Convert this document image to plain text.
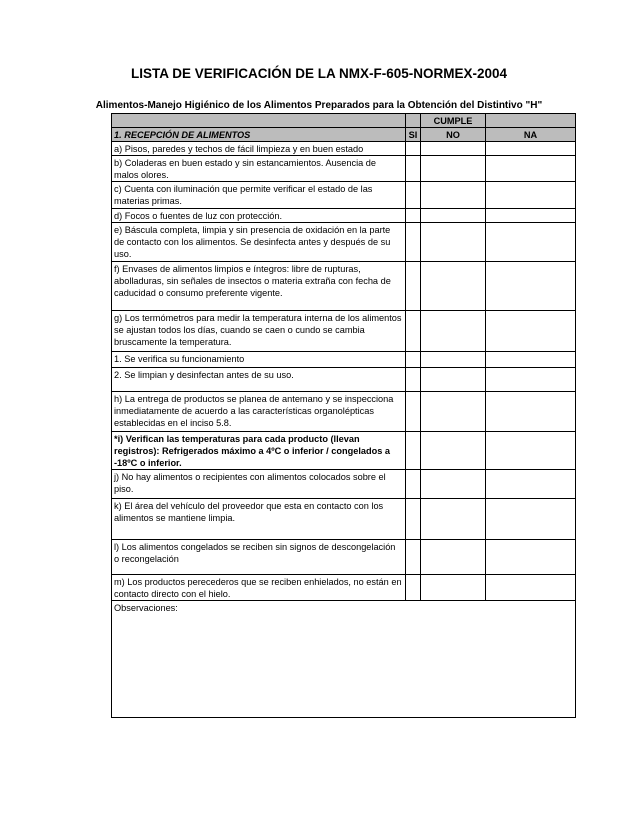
LISTA DE VERIFICACIÓN DE LA NMX-F-605-NORMEX-2004
Alimentos-Manejo Higiénico de los Alimentos Preparados para la Obtención del Distintivo "H"
		CUMPLE	
1. RECEPCIÓN DE ALIMENTOS	SI	NO	NA
a) Pisos, paredes y techos de fácil limpieza y en buen estado			
b) Coladeras en buen estado y sin estancamientos. Ausencia de malos olores.			
c) Cuenta con iluminación que permite verificar el estado de las materias primas.			
d) Focos o fuentes de luz con protección.			
e) Báscula completa, limpia y sin presencia de oxidación en la parte de contacto con los alimentos. Se desinfecta antes y después de su uso.			
f) Envases de alimentos limpios e íntegros: libre de rupturas, abolladuras, sin señales de insectos o materia extraña con fecha de caducidad o consumo preferente vigente.			
g) Los termómetros para medir la temperatura interna de los alimentos se ajustan todos los días, cuando se caen o cundo se cambia bruscamente la temperatura.			
1. Se verifica su funcionamiento			
2. Se limpian y desinfectan antes de su uso.			
h) La entrega de productos se planea de antemano y se inspecciona inmediatamente de acuerdo a las características organolépticas establecidas en el inciso 5.8.			
*i) Verifican las temperaturas para cada producto (llevan registros): Refrigerados máximo a 4ºC o inferior / congelados a -18ºC o inferior.			
j) No hay alimentos o recipientes con alimentos colocados sobre el piso.			
k) El área del vehículo del proveedor que esta en contacto con los alimentos se mantiene limpia.			
l) Los alimentos congelados se reciben sin signos de descongelación o recongelación			
m) Los productos perecederos que se reciben enhielados, no están en contacto directo con el hielo.			
Observaciones:			
